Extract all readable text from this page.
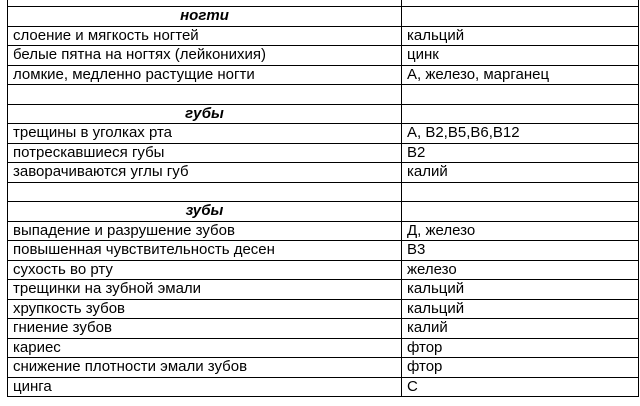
ногти
слоение и мягкость ногтей	кальций
белые пятна на ногтях (лейконихия)	цинк
ломкие, медленно растущие ногти	А, железо, марганец
губы
трещины в уголках рта	А, В2,В5,В6,В12
потрескавшиеся губы	В2
заворачиваются углы губ	калий
зубы
выпадение и разрушение зубов	Д, железо
повышенная чувствительность десен	В3
сухость во рту	железо
трещинки на зубной эмали	кальций
хрупкость зубов	кальций
гниение зубов	калий
кариес	фтор
снижение плотности эмали зубов	фтор
цинга	С
